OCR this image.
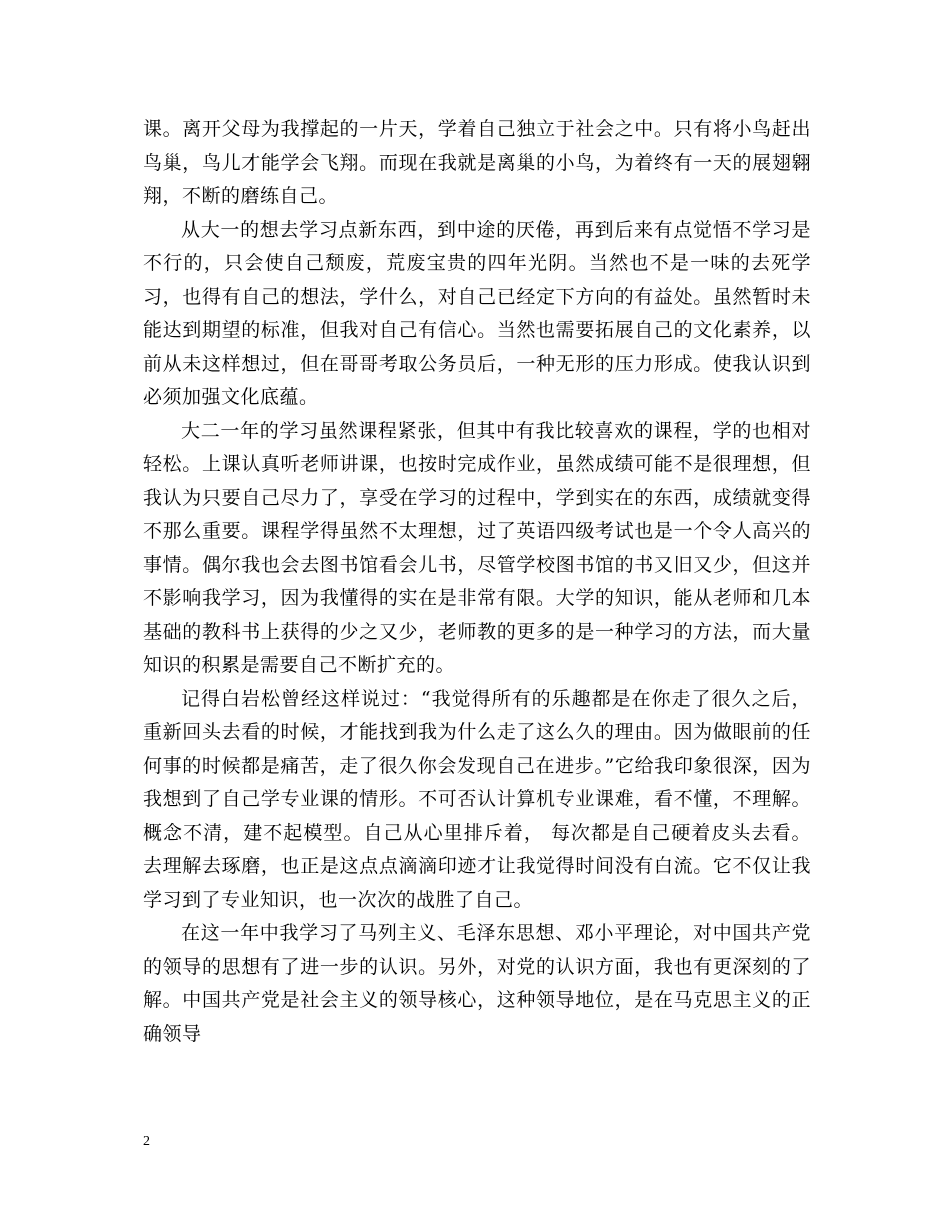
课。离开父母为我撑起的一片天，学着自己独立于社会之中。只有将小鸟赶出鸟巢，鸟儿才能学会飞翔。而现在我就是离巢的小鸟，为着终有一天的展翅翱翔，不断的磨练自己。

从大一的想去学习点新东西，到中途的厌倦，再到后来有点觉悟不学习是不行的，只会使自己颓废，荒废宝贵的四年光阴。当然也不是一味的去死学习，也得有自己的想法，学什么，对自己已经定下方向的有益处。虽然暂时未能达到期望的标准，但我对自己有信心。当然也需要拓展自己的文化素养，以前从未这样想过，但在哥哥考取公务员后，一种无形的压力形成。使我认识到必须加强文化底蕴。

大二一年的学习虽然课程紧张，但其中有我比较喜欢的课程，学的也相对轻松。上课认真听老师讲课，也按时完成作业，虽然成绩可能不是很理想，但我认为只要自己尽力了，享受在学习的过程中，学到实在的东西，成绩就变得不那么重要。课程学得虽然不太理想，过了英语四级考试也是一个令人高兴的事情。偶尔我也会去图书馆看会儿书，尽管学校图书馆的书又旧又少，但这并不影响我学习，因为我懂得的实在是非常有限。大学的知识，能从老师和几本基础的教科书上获得的少之又少，老师教的更多的是一种学习的方法，而大量知识的积累是需要自己不断扩充的。

记得白岩松曾经这样说过：“我觉得所有的乐趣都是在你走了很久之后，重新回头去看的时候，才能找到我为什么走了这么久的理由。因为做眼前的任何事的时候都是痛苦，走了很久你会发现自己在进步。”它给我印象很深，因为我想到了自己学专业课的情形。不可否认计算机专业课难，看不懂，不理解。概念不清，建不起模型。自己从心里排斥着， 每次都是自己硬着皮头去看。去理解去琢磨，也正是这点点滴滴印迹才让我觉得时间没有白流。它不仅让我学习到了专业知识，也一次次的战胜了自己。

在这一年中我学习了马列主义、毛泽东思想、邓小平理论，对中国共产党的领导的思想有了进一步的认识。另外，对党的认识方面，我也有更深刻的了解。中国共产党是社会主义的领导核心，这种领导地位，是在马克思主义的正确领导

2
